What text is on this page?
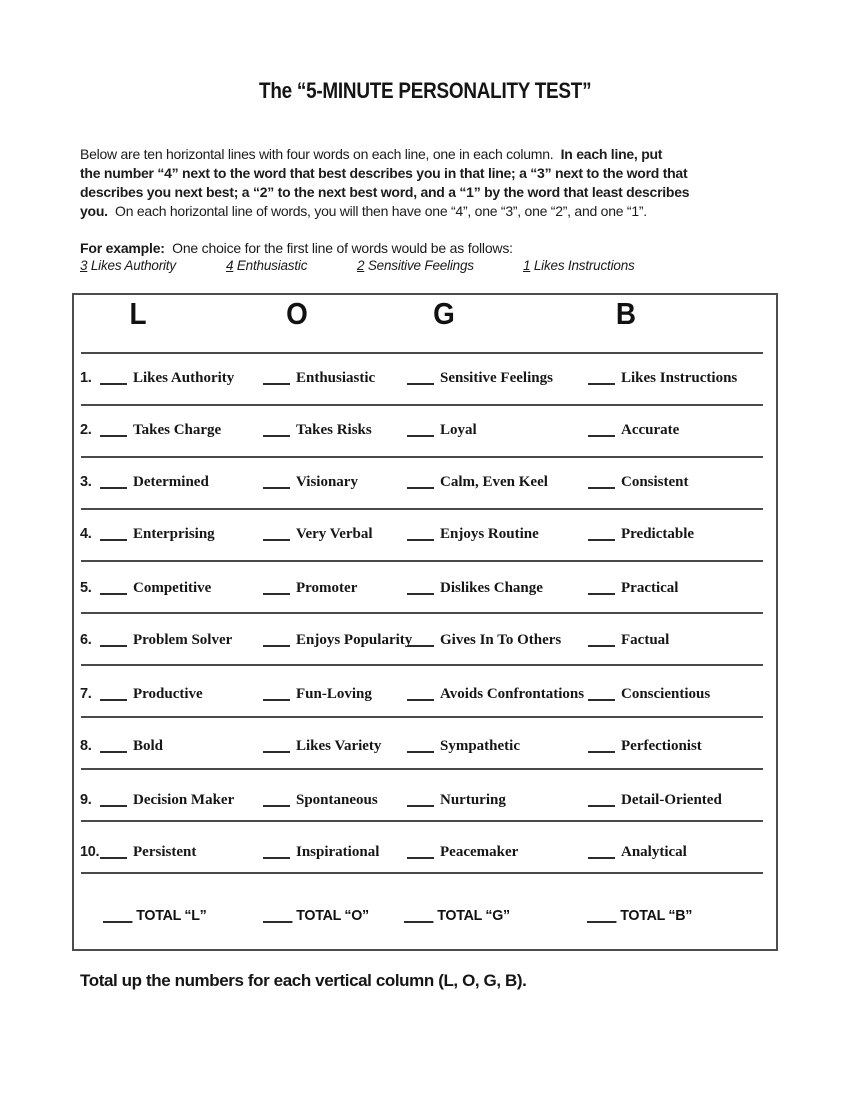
The “5-MINUTE PERSONALITY TEST”
Below are ten horizontal lines with four words on each line, one in each column.  In each line, put
the number “4” next to the word that best describes you in that line; a “3” next to the word that
describes you next best; a “2” to the next best word, and a “1” by the word that least describes
you.  On each horizontal line of words, you will then have one “4”, one “3”, one “2”, and one “1”.
For example:  One choice for the first line of words would be as follows:
3 Likes Authority	4 Enthusiastic	2 Sensitive Feelings	1 Likes Instructions
L	O	G	B
1.	Likes Authority	Enthusiastic	Sensitive Feelings	Likes Instructions
2.	Takes Charge	Takes Risks	Loyal	Accurate
3.	Determined	Visionary	Calm, Even Keel	Consistent
4.	Enterprising	Very Verbal	Enjoys Routine	Predictable
5.	Competitive	Promoter	Dislikes Change	Practical
6.	Problem Solver	Enjoys Popularity	Gives In To Others	Factual
7.	Productive	Fun-Loving	Avoids Confrontations	Conscientious
8.	Bold	Likes Variety	Sympathetic	Perfectionist
9.	Decision Maker	Spontaneous	Nurturing	Detail-Oriented
10.	Persistent	Inspirational	Peacemaker	Analytical
TOTAL “L”	TOTAL “O”	TOTAL “G”	TOTAL “B”
Total up the numbers for each vertical column (L, O, G, B).
